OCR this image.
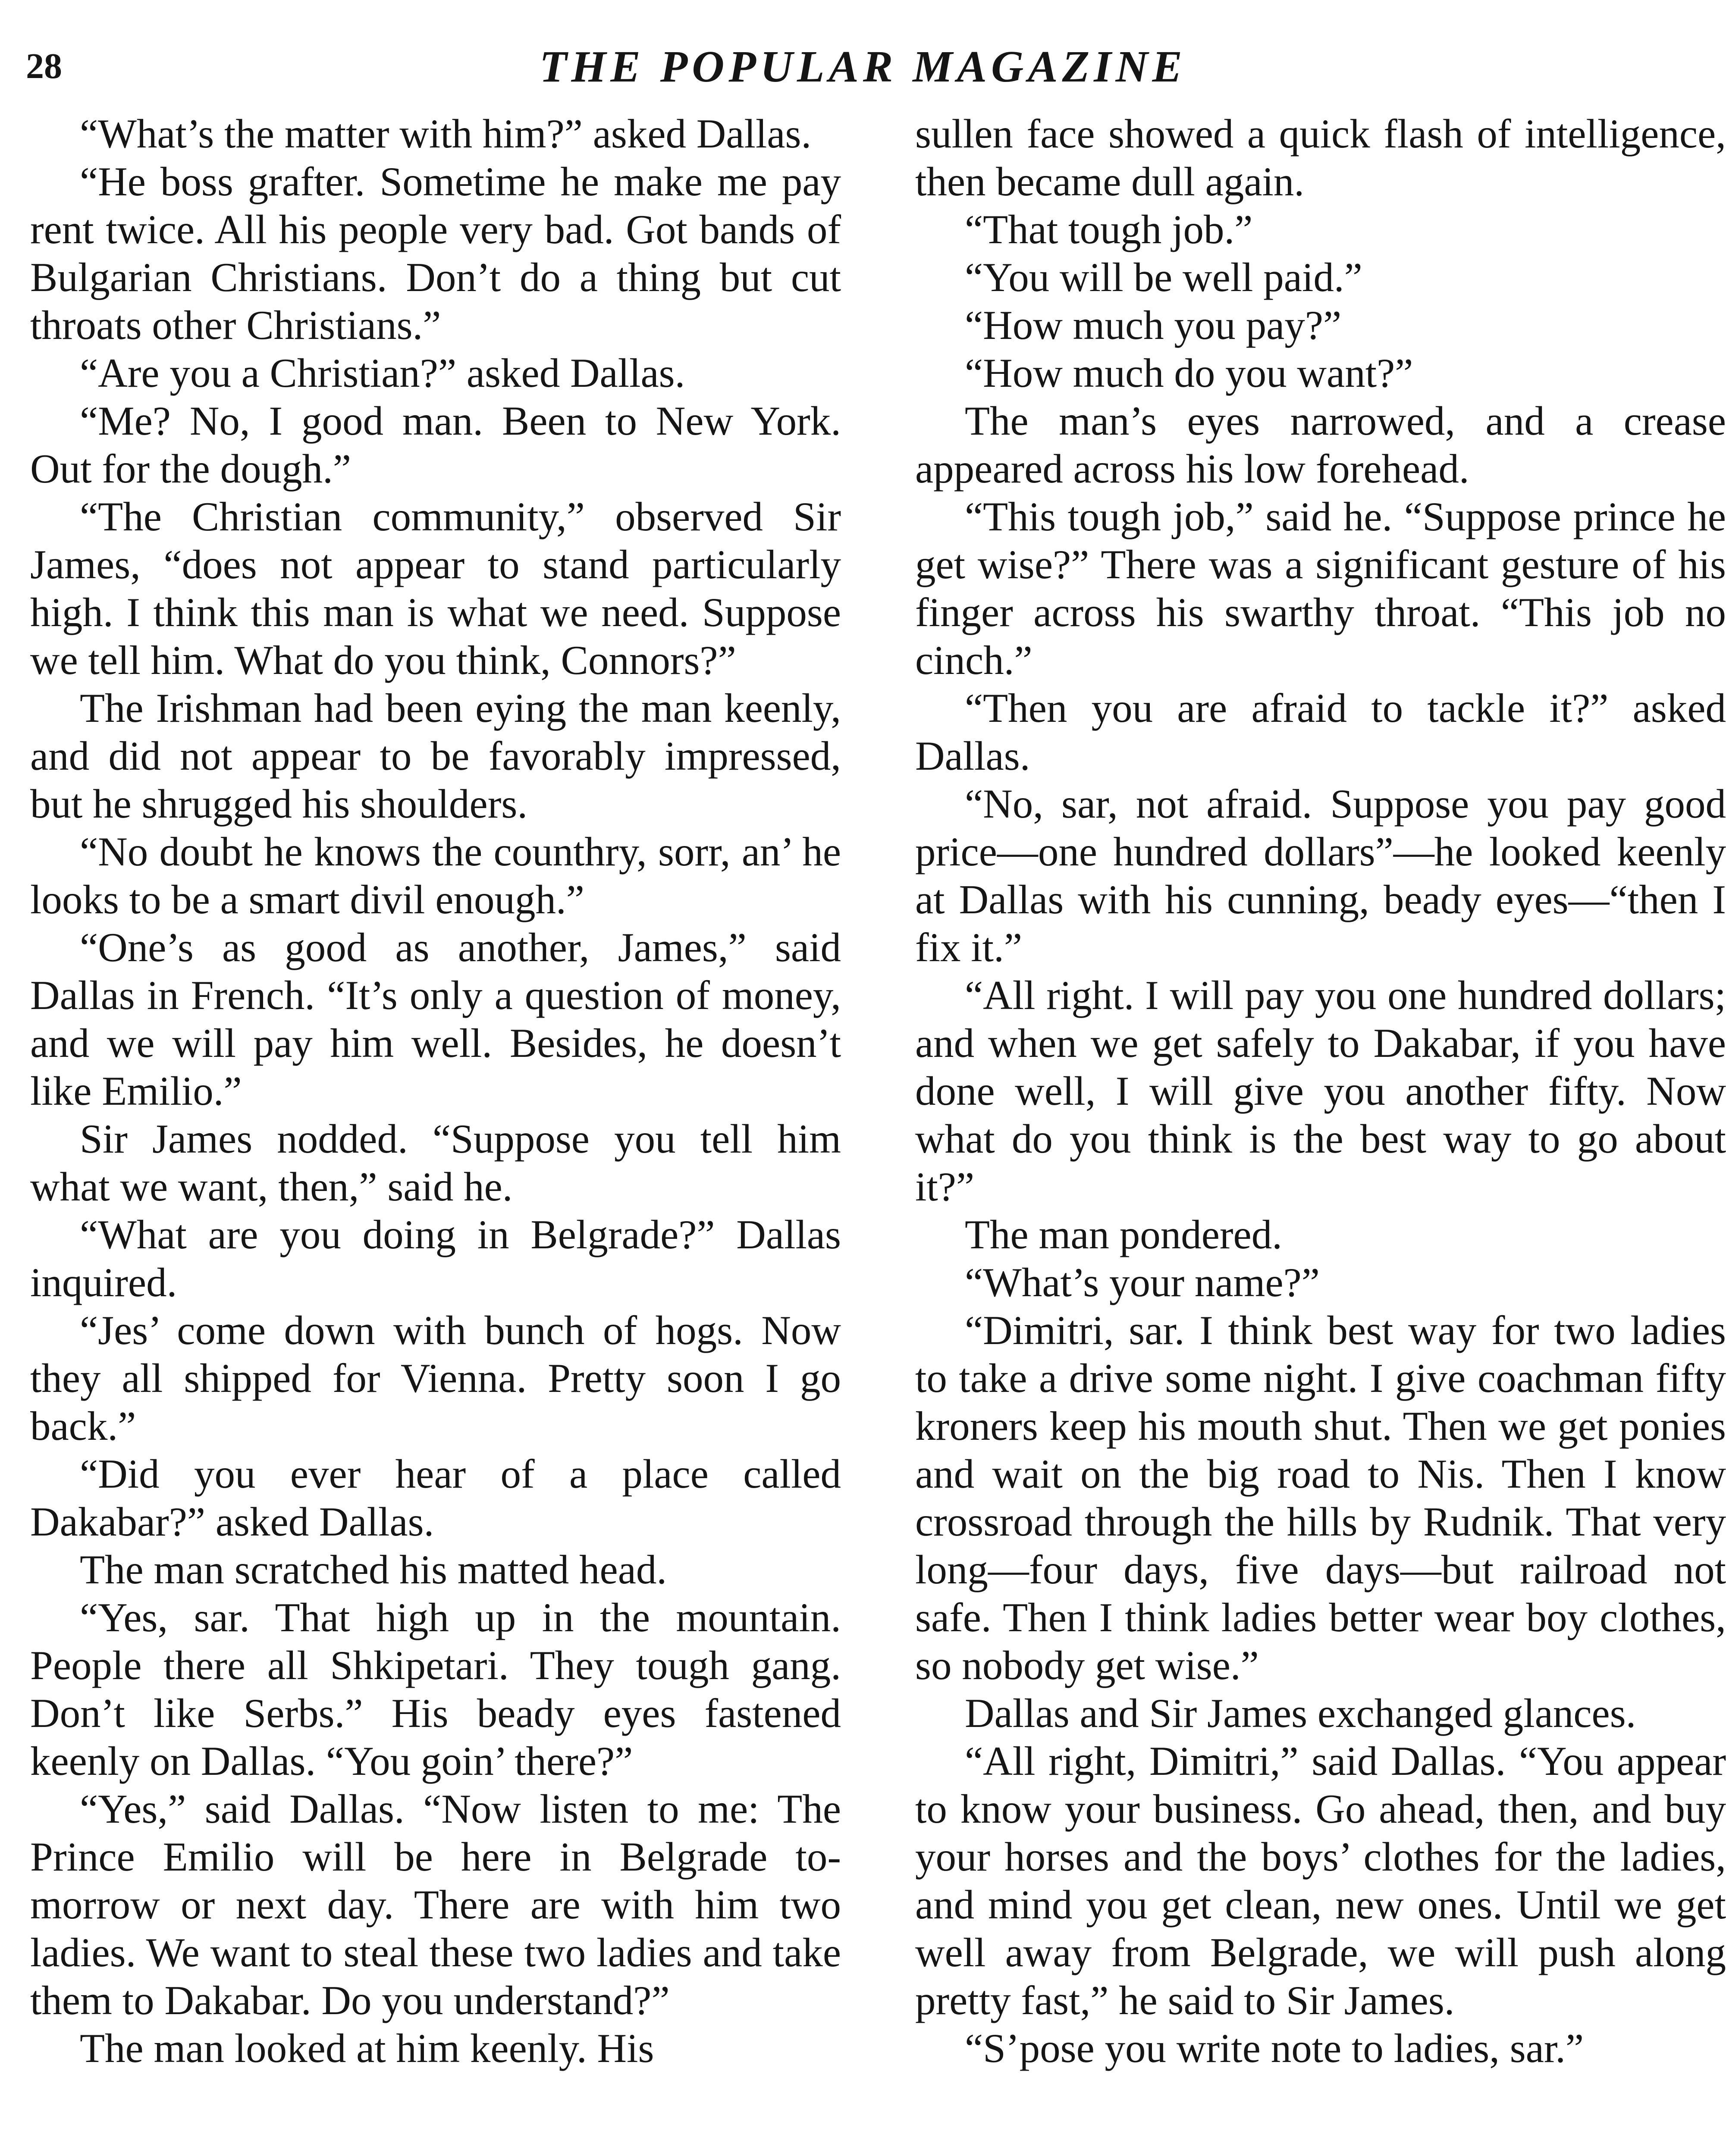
28	THE POPULAR MAGAZINE

“What’s the matter with him?” asked Dallas.

“He boss grafter. Sometime he make me pay rent twice. All his people very bad. Got bands of Bulgarian Christians. Don’t do a thing but cut throats other Christians.”

“Are you a Christian?” asked Dallas.

“Me? No, I good man. Been to New York. Out for the dough.”

“The Christian community,” observed Sir James, “does not appear to stand particularly high. I think this man is what we need. Suppose we tell him. What do you think, Connors?”

The Irishman had been eying the man keenly, and did not appear to be favorably impressed, but he shrugged his shoulders.

“No doubt he knows the counthry, sorr, an’ he looks to be a smart divil enough.”

“One’s as good as another, James,” said Dallas in French. “It’s only a question of money, and we will pay him well. Besides, he doesn’t like Emilio.”

Sir James nodded. “Suppose you tell him what we want, then,” said he.

“What are you doing in Belgrade?” Dallas inquired.

“Jes’ come down with bunch of hogs. Now they all shipped for Vienna. Pretty soon I go back.”

“Did you ever hear of a place called Dakabar?” asked Dallas.

The man scratched his matted head.

“Yes, sar. That high up in the mountain. People there all Shkipetari. They tough gang. Don’t like Serbs.” His beady eyes fastened keenly on Dallas. “You goin’ there?”

“Yes,” said Dallas. “Now listen to me: The Prince Emilio will be here in Belgrade to-morrow or next day. There are with him two ladies. We want to steal these two ladies and take them to Dakabar. Do you understand?”

The man looked at him keenly. His

sullen face showed a quick flash of intelligence, then became dull again.

“That tough job.”

“You will be well paid.”

“How much you pay?”

“How much do you want?”

The man’s eyes narrowed, and a crease appeared across his low forehead.

“This tough job,” said he. “Suppose prince he get wise?” There was a significant gesture of his finger across his swarthy throat. “This job no cinch.”

“Then you are afraid to tackle it?” asked Dallas.

“No, sar, not afraid. Suppose you pay good price—one hundred dollars”—he looked keenly at Dallas with his cunning, beady eyes—“then I fix it.”

“All right. I will pay you one hundred dollars; and when we get safely to Dakabar, if you have done well, I will give you another fifty. Now what do you think is the best way to go about it?”

The man pondered.

“What’s your name?”

“Dimitri, sar. I think best way for two ladies to take a drive some night. I give coachman fifty kroners keep his mouth shut. Then we get ponies and wait on the big road to Nis. Then I know crossroad through the hills by Rudnik. That very long—four days, five days—but railroad not safe. Then I think ladies better wear boy clothes, so nobody get wise.”

Dallas and Sir James exchanged glances.

“All right, Dimitri,” said Dallas. “You appear to know your business. Go ahead, then, and buy your horses and the boys’ clothes for the ladies, and mind you get clean, new ones. Until we get well away from Belgrade, we will push along pretty fast,” he said to Sir James.

“S’pose you write note to ladies, sar.”
